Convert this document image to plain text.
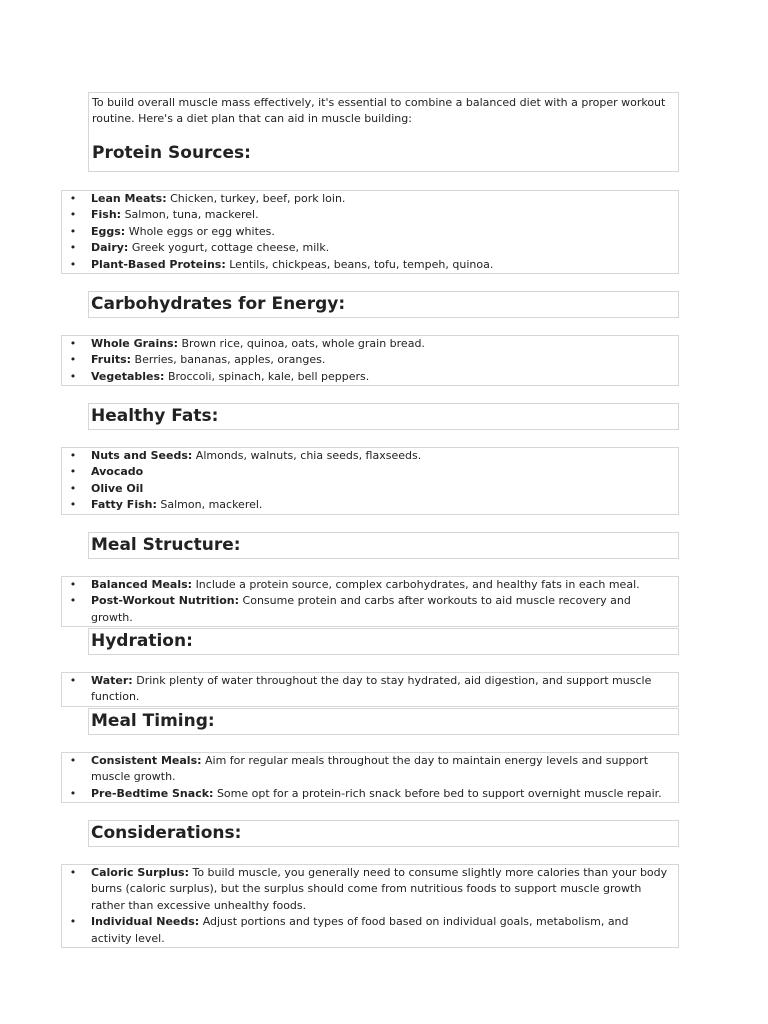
To build overall muscle mass effectively, it's essential to combine a balanced diet with a proper workout routine. Here's a diet plan that can aid in muscle building:

Protein Sources:
• Lean Meats: Chicken, turkey, beef, pork loin.
• Fish: Salmon, tuna, mackerel.
• Eggs: Whole eggs or egg whites.
• Dairy: Greek yogurt, cottage cheese, milk.
• Plant-Based Proteins: Lentils, chickpeas, beans, tofu, tempeh, quinoa.
Carbohydrates for Energy:
• Whole Grains: Brown rice, quinoa, oats, whole grain bread.
• Fruits: Berries, bananas, apples, oranges.
• Vegetables: Broccoli, spinach, kale, bell peppers.
Healthy Fats:
• Nuts and Seeds: Almonds, walnuts, chia seeds, flaxseeds.
• Avocado
• Olive Oil
• Fatty Fish: Salmon, mackerel.
Meal Structure:
• Balanced Meals: Include a protein source, complex carbohydrates, and healthy fats in each meal.
• Post-Workout Nutrition: Consume protein and carbs after workouts to aid muscle recovery and growth.
Hydration:
• Water: Drink plenty of water throughout the day to stay hydrated, aid digestion, and support muscle function.
Meal Timing:
• Consistent Meals: Aim for regular meals throughout the day to maintain energy levels and support muscle growth.
• Pre-Bedtime Snack: Some opt for a protein-rich snack before bed to support overnight muscle repair.
Considerations:
• Caloric Surplus: To build muscle, you generally need to consume slightly more calories than your body burns (caloric surplus), but the surplus should come from nutritious foods to support muscle growth rather than excessive unhealthy foods.
• Individual Needs: Adjust portions and types of food based on individual goals, metabolism, and activity level.
